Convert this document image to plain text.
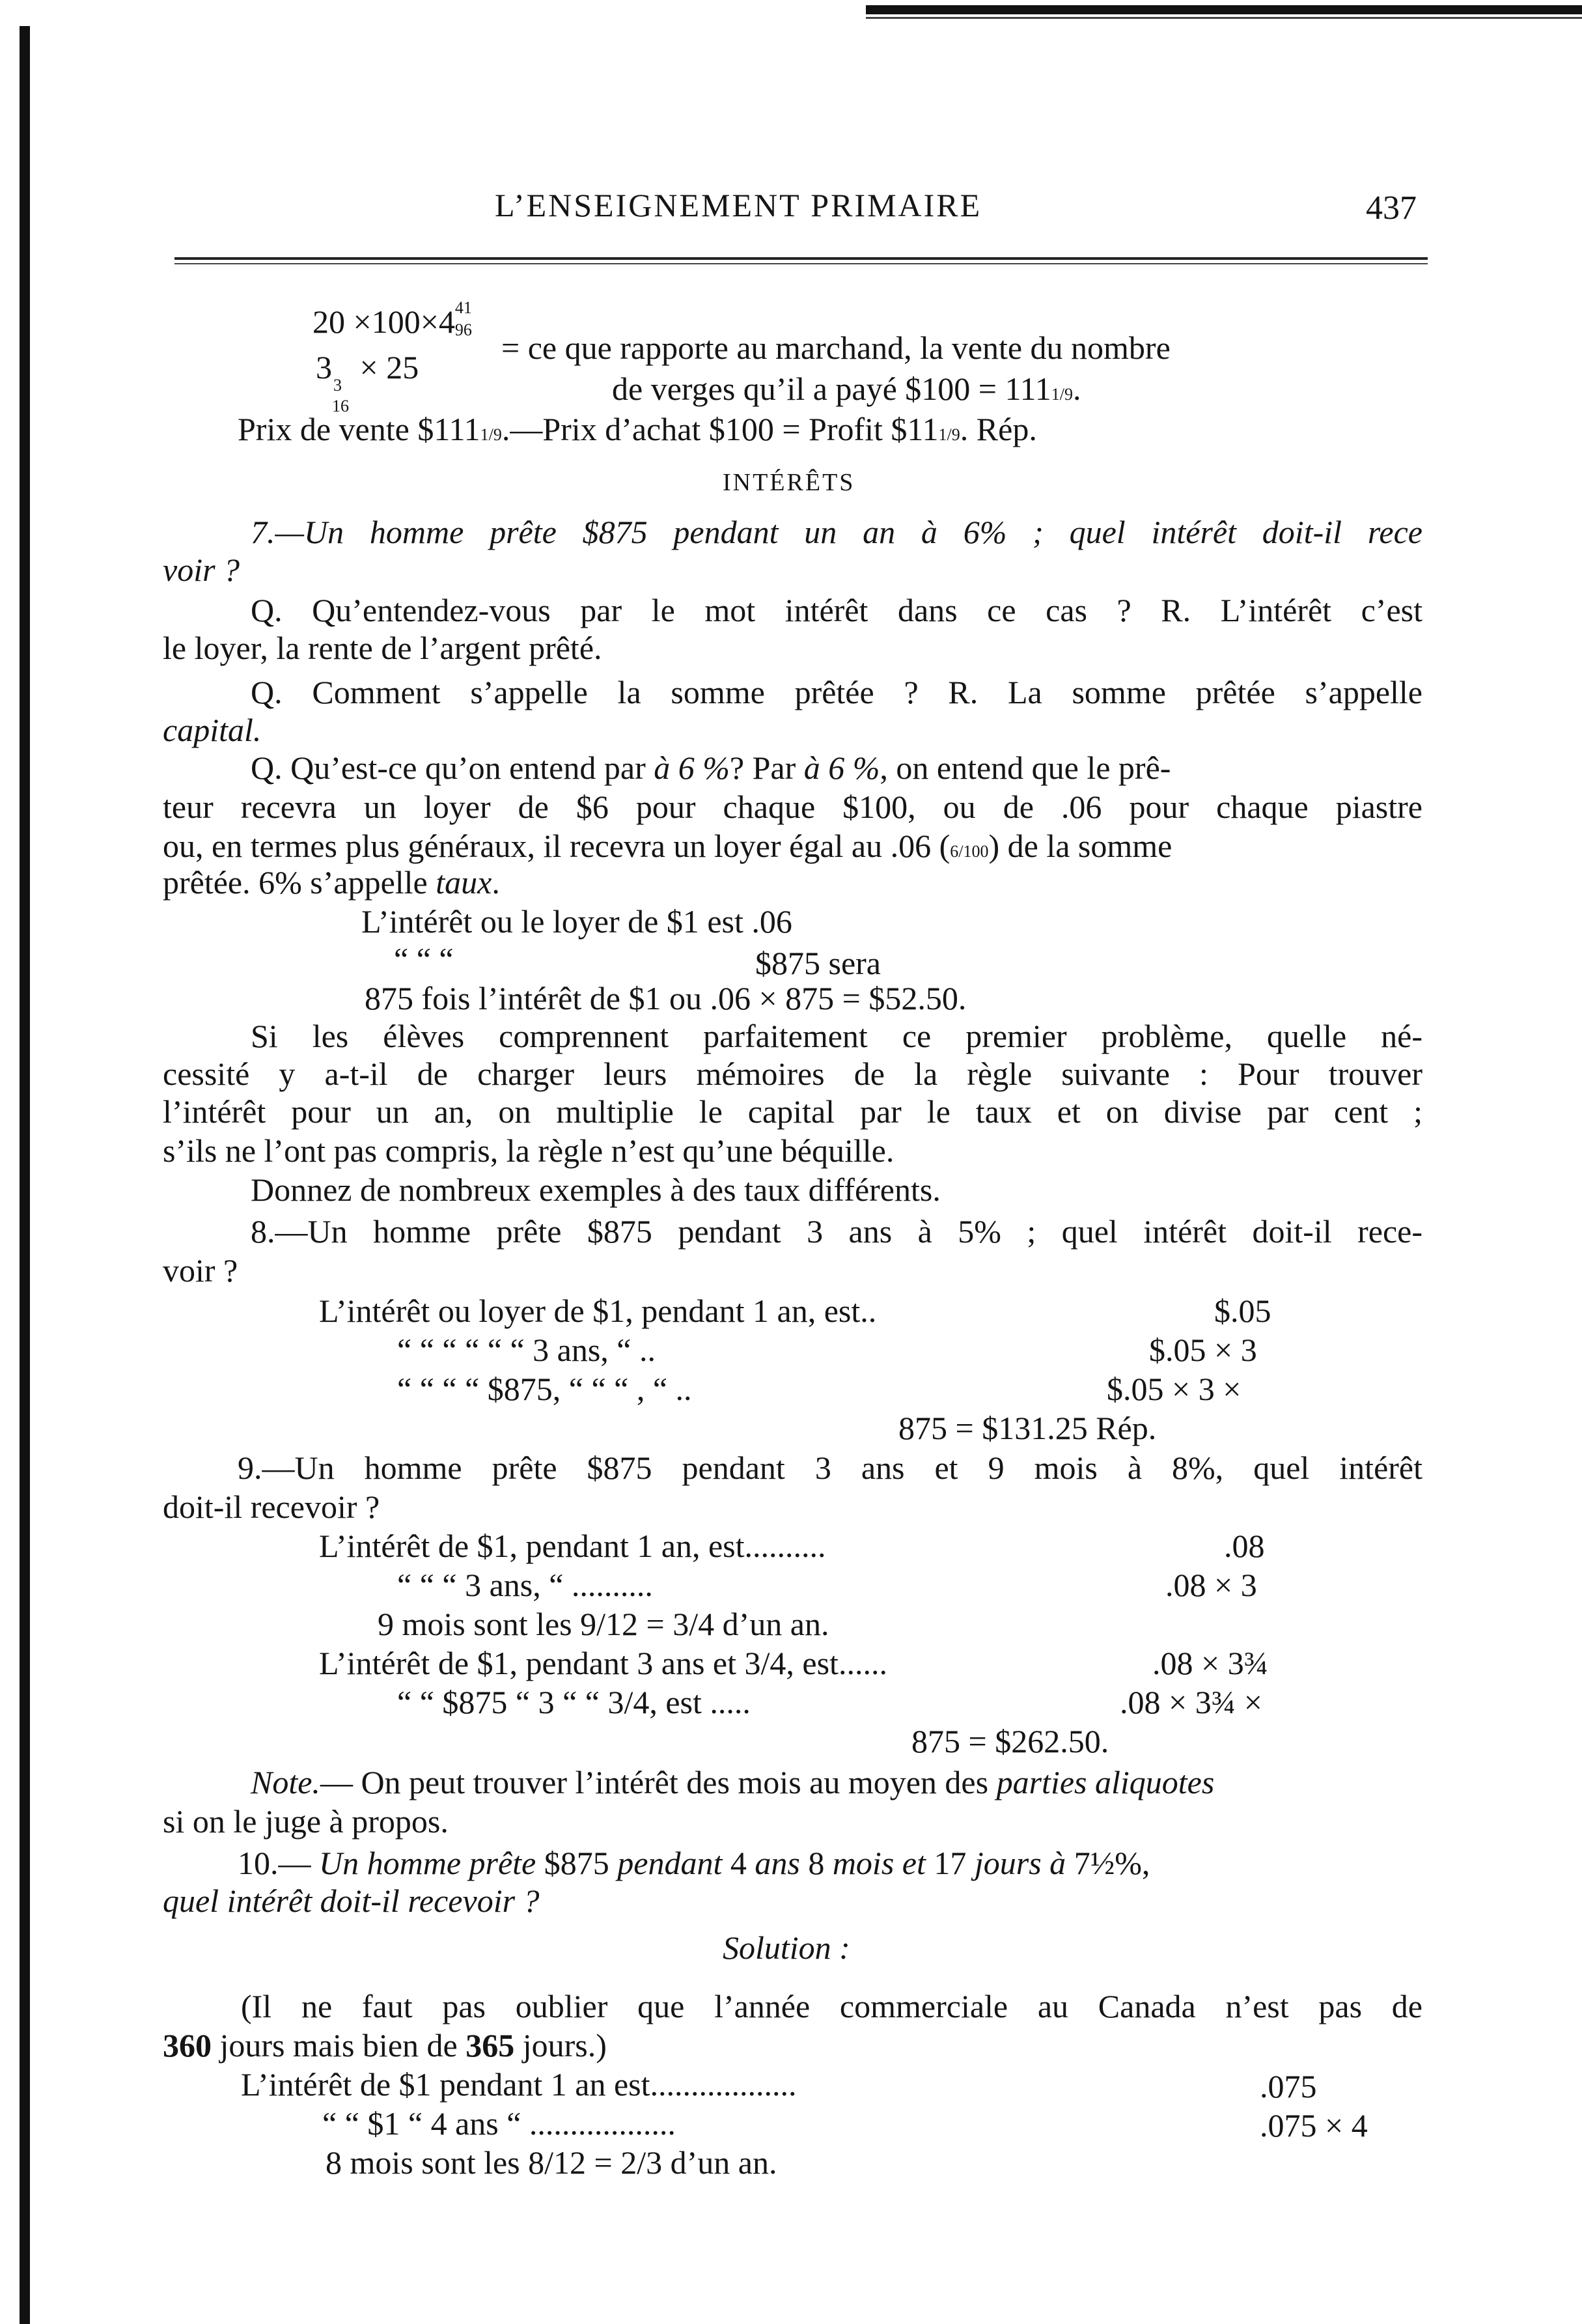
L’ENSEIGNEMENT PRIMAIRE	437
20 ×100×4 41
96
3 3
16
× 25
= ce que rapporte au marchand, la vente du nombre
de verges qu’il a payé $100 = 1111/9.
Prix de vente $1111/9.—Prix d’achat $100 = Profit $111/9. Rép.
INTÉRÊTS
7.—Un homme prête $875 pendant un an à 6% ; quel intérêt doit-il rece
voir ?
Q. Qu’entendez-vous par le mot intérêt dans ce cas ? R. L’intérêt c’est
le loyer, la rente de l’argent prêté.
Q. Comment s’appelle la somme prêtée ? R. La somme prêtée s’appelle
capital.
Q. Qu’est-ce qu’on entend par à 6 %? Par à 6 %, on entend que le prê-
teur recevra un loyer de $6 pour chaque $100, ou de .06 pour chaque piastre
ou, en termes plus généraux, il recevra un loyer égal au .06 (6/100) de la somme
prêtée. 6% s’appelle taux.
L’intérêt ou le loyer de $1 est .06
“ “ “	$875 sera
875 fois l’intérêt de $1 ou .06 × 875 = $52.50.
Si les élèves comprennent parfaitement ce premier problème, quelle né-
cessité y a-t-il de charger leurs mémoires de la règle suivante : Pour trouver
l’intérêt pour un an, on multiplie le capital par le taux et on divise par cent ;
s’ils ne l’ont pas compris, la règle n’est qu’une béquille.
Donnez de nombreux exemples à des taux différents.
8.—Un homme prête $875 pendant 3 ans à 5% ; quel intérêt doit-il rece-
voir ?
L’intérêt ou loyer de $1, pendant 1 an, est..	$.05
“ “ “ “ “ “ 3 ans, “ ..	$.05 × 3
“ “ “ “ $875, “ “ “ , “ ..	$.05 × 3 ×
875 = $131.25 Rép.
9.—Un homme prête $875 pendant 3 ans et 9 mois à 8%, quel intérêt
doit-il recevoir ?
L’intérêt de $1, pendant 1 an, est..........	.08
“ “ “ 3 ans, “ ..........	.08 × 3
9 mois sont les 9/12 = 3/4 d’un an.
L’intérêt de $1, pendant 3 ans et 3/4, est......	.08 × 3¾
“ “ $875 “ 3 “ “ 3/4, est .....	.08 × 3¾ ×
875 = $262.50.
Note.— On peut trouver l’intérêt des mois au moyen des parties aliquotes
si on le juge à propos.
10.— Un homme prête $875 pendant 4 ans 8 mois et 17 jours à 7½%,
quel intérêt doit-il recevoir ?
Solution :
(Il ne faut pas oublier que l’année commerciale au Canada n’est pas de
360 jours mais bien de 365 jours.)
L’intérêt de $1 pendant 1 an est..................	.075
“ “ $1 “ 4 ans “ ..................	.075 × 4
8 mois sont les 8/12 = 2/3 d’un an.
